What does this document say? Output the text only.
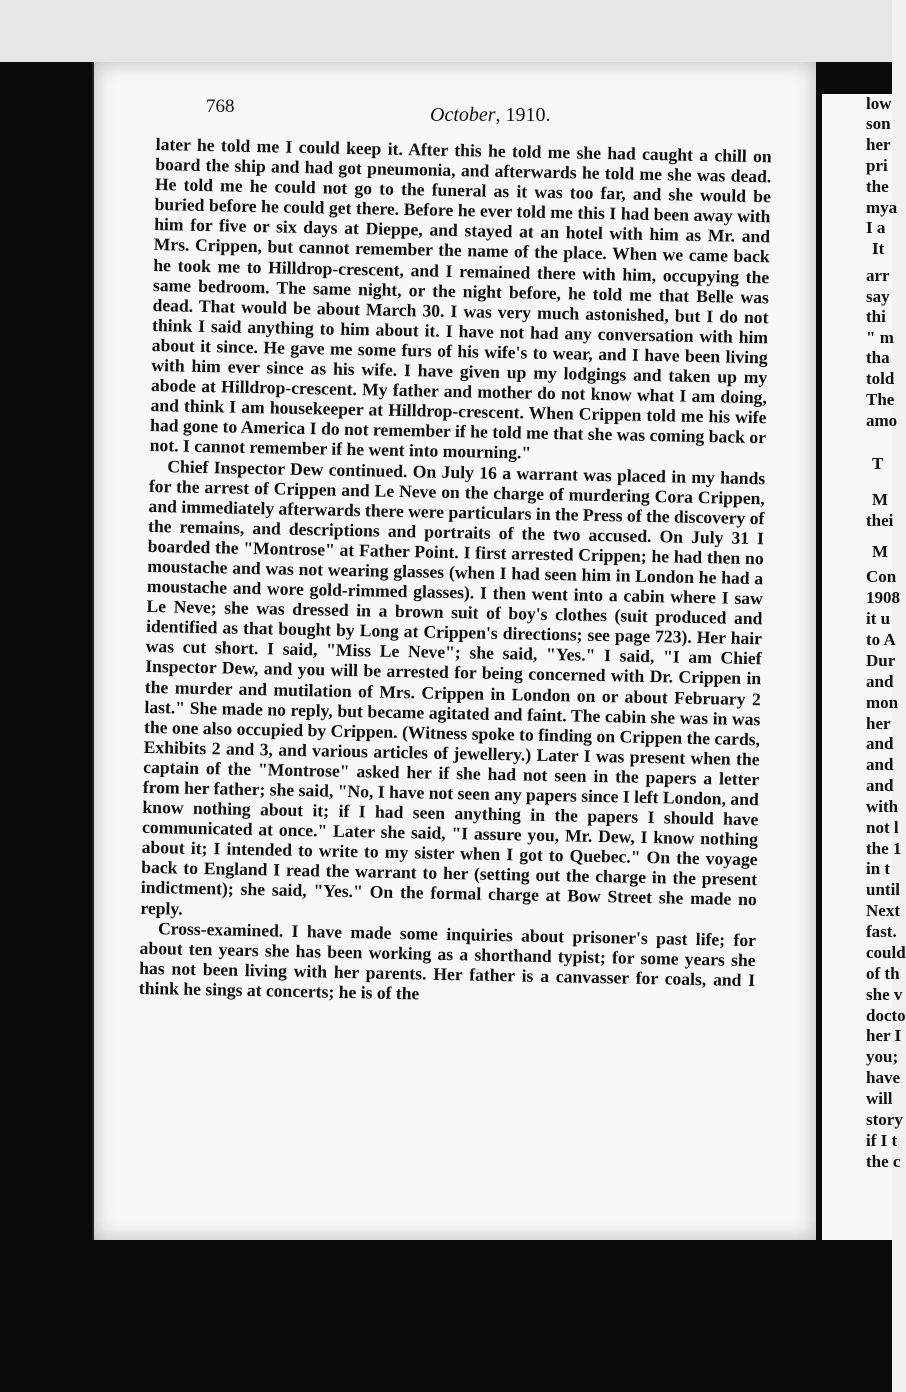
768	October, 1910.

later he told me I could keep it. After this he told me she had caught a chill on board the ship and had got pneumonia, and afterwards he told me she was dead. He told me he could not go to the funeral as it was too far, and she would be buried before he could get there. Before he ever told me this I had been away with him for five or six days at Dieppe, and stayed at an hotel with him as Mr. and Mrs. Crippen, but cannot remember the name of the place. When we came back he took me to Hilldrop-crescent, and I remained there with him, occupying the same bedroom. The same night, or the night before, he told me that Belle was dead. That would be about March 30. I was very much astonished, but I do not think I said anything to him about it. I have not had any conversation with him about it since. He gave me some furs of his wife's to wear, and I have been living with him ever since as his wife. I have given up my lodgings and taken up my abode at Hilldrop-crescent. My father and mother do not know what I am doing, and think I am housekeeper at Hilldrop-crescent. When Crippen told me his wife had gone to America I do not remember if he told me that she was coming back or not. I cannot remember if he went into mourning."

Chief Inspector Dew continued. On July 16 a warrant was placed in my hands for the arrest of Crippen and Le Neve on the charge of murdering Cora Crippen, and immediately afterwards there were particulars in the Press of the discovery of the remains, and descriptions and portraits of the two accused. On July 31 I boarded the "Montrose" at Father Point. I first arrested Crippen; he had then no moustache and was not wearing glasses (when I had seen him in London he had a moustache and wore gold-rimmed glasses). I then went into a cabin where I saw Le Neve; she was dressed in a brown suit of boy's clothes (suit produced and identified as that bought by Long at Crippen's directions; see page 723). Her hair was cut short. I said, "Miss Le Neve"; she said, "Yes." I said, "I am Chief Inspector Dew, and you will be arrested for being concerned with Dr. Crippen in the murder and mutilation of Mrs. Crippen in London on or about February 2 last." She made no reply, but became agitated and faint. The cabin she was in was the one also occupied by Crippen. (Witness spoke to finding on Crippen the cards, Exhibits 2 and 3, and various articles of jewellery.) Later I was present when the captain of the "Montrose" asked her if she had not seen in the papers a letter from her father; she said, "No, I have not seen any papers since I left London, and know nothing about it; if I had seen anything in the papers I should have communicated at once." Later she said, "I assure you, Mr. Dew, I know nothing about it; I intended to write to my sister when I got to Quebec." On the voyage back to England I read the warrant to her (setting out the charge in the present indictment); she said, "Yes." On the formal charge at Bow Street she made no reply.

Cross-examined. I have made some inquiries about prisoner's past life; for about ten years she has been working as a shorthand typist; for some years she has not been living with her parents. Her father is a canvasser for coals, and I think he sings at concerts; he is of the

low
son
her
pri
the
mya
I a
It
arr
say
thi
" m
tha
told
The
amo
T
M
thei
M
Con
1908
it u
to A
Dur
and
mon
her
and
and
and
with
not l
the 1
in t
until
Next
fast.
could
of th
she v
docto
her I
you;
have
will
story
if I t
the c
